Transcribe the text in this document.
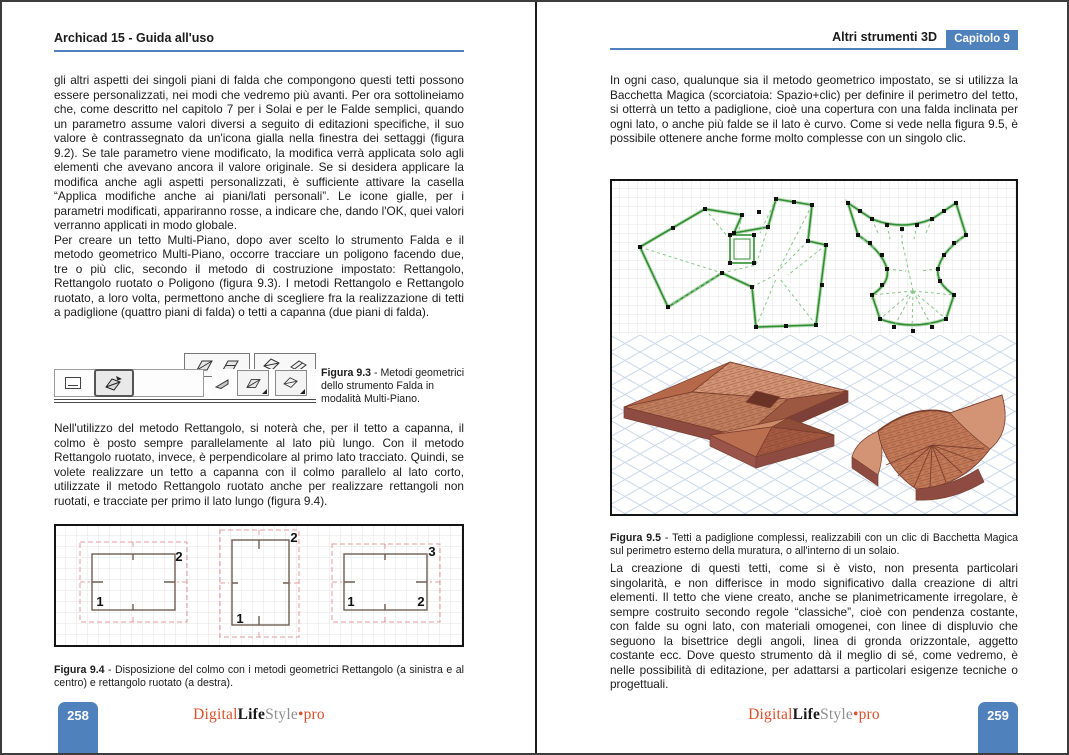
Archicad 15 - Guida all'uso

gli altri aspetti dei singoli piani di falda che compongono questi tetti possono essere personalizzati, nei modi che vedremo più avanti. Per ora sottolineiamo che, come descritto nel capitolo 7 per i Solai e per le Falde semplici, quando un parametro assume valori diversi a seguito di editazioni specifiche, il suo valore è contrassegnato da un'icona gialla nella finestra dei settaggi (figura 9.2). Se tale parametro viene modificato, la modifica verrà applicata solo agli elementi che avevano ancora il valore originale. Se si desidera applicare la modifica anche agli aspetti personalizzati, è sufficiente attivare la casella “Applica modifiche anche ai piani/lati personali”. Le icone gialle, per i parametri modificati, appariranno rosse, a indicare che, dando l'OK, quei valori verranno applicati in modo globale.

Per creare un tetto Multi-Piano, dopo aver scelto lo strumento Falda e il metodo geometrico Multi-Piano, occorre tracciare un poligono facendo due, tre o più clic, secondo il metodo di costruzione impostato: Rettangolo, Rettangolo ruotato o Poligono (figura 9.3). I metodi Rettangolo e Rettangolo ruotato, a loro volta, permettono anche di scegliere fra la realizzazione di tetti a padiglione (quattro piani di falda) o tetti a capanna (due piani di falda).

Figura 9.3 - Metodi geometrici dello strumento Falda in modalità Multi-Piano.

Nell'utilizzo del metodo Rettangolo, si noterà che, per il tetto a capanna, il colmo è posto sempre parallelamente al lato più lungo. Con il metodo Rettangolo ruotato, invece, è perpendicolare al primo lato tracciato. Quindi, se volete realizzare un tetto a capanna con il colmo parallelo al lato corto, utilizzate il metodo Rettangolo ruotato anche per realizzare rettangoli non ruotati, e tracciate per primo il lato lungo (figura 9.4).

2
1
2
1
3
1	2

Figura 9.4 - Disposizione del colmo con i metodi geometrici Rettangolo (a sinistra e al centro) e rettangolo ruotato (a destra).

258	DigitalLifeStyle•pro
Altri strumenti 3D	Capitolo 9

In ogni caso, qualunque sia il metodo geometrico impostato, se si utilizza la Bacchetta Magica (scorciatoia: Spazio+clic) per definire il perimetro del tetto, si otterrà un tetto a padiglione, cioè una copertura con una falda inclinata per ogni lato, o anche più falde se il lato è curvo. Come si vede nella figura 9.5, è possibile ottenere anche forme molto complesse con un singolo clic.

Figura 9.5 - Tetti a padiglione complessi, realizzabili con un clic di Bacchetta Magica sul perimetro esterno della muratura, o all'interno di un solaio.

La creazione di questi tetti, come si è visto, non presenta particolari singolarità, e non differisce in modo significativo dalla creazione di altri elementi. Il tetto che viene creato, anche se planimetricamente irregolare, è sempre costruito secondo regole “classiche”, cioè con pendenza costante, con falde su ogni lato, con materiali omogenei, con linee di displuvio che seguono la bisettrice degli angoli, linea di gronda orizzontale, aggetto costante ecc. Dove questo strumento dà il meglio di sé, come vedremo, è nelle possibilità di editazione, per adattarsi a particolari esigenze tecniche o progettuali.

259
DigitalLifeStyle•pro
